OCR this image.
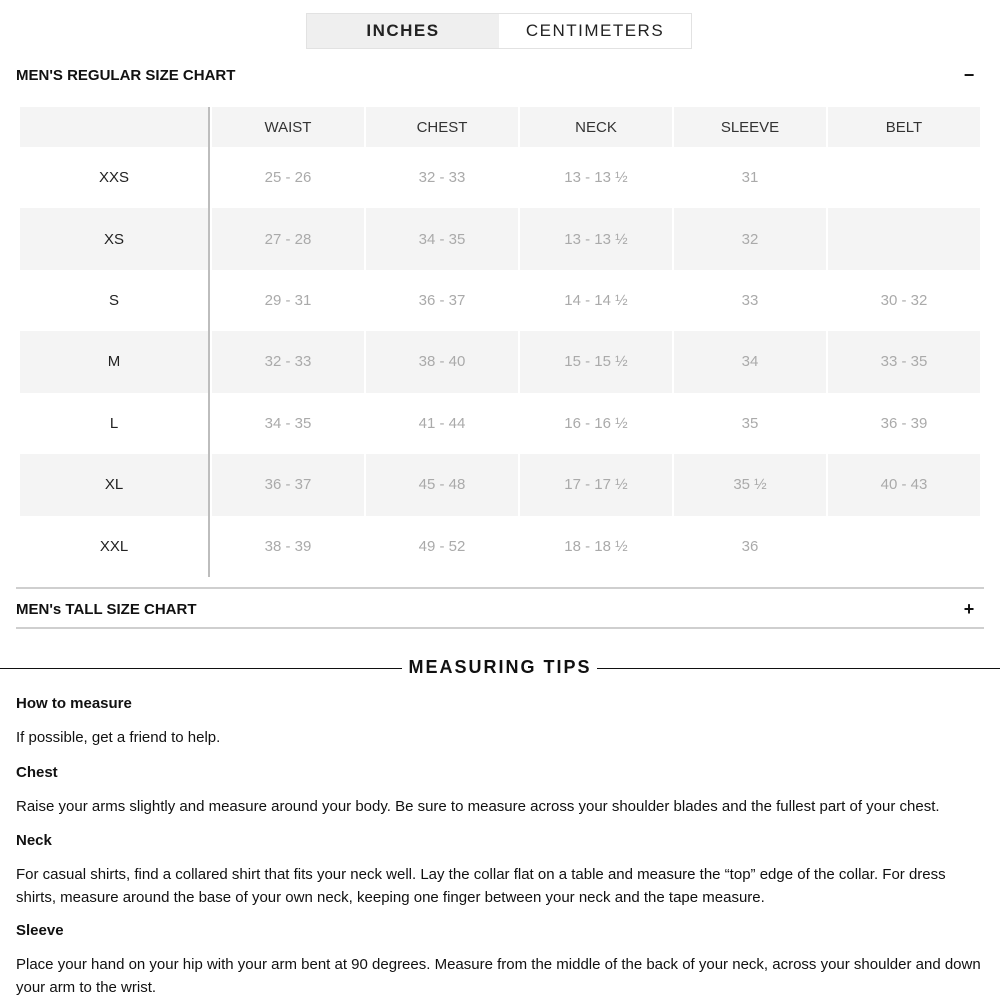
INCHES	CENTIMETERS
MEN'S REGULAR SIZE CHART	−
	WAIST	CHEST	NECK	SLEEVE	BELT
XXS	25 - 26	32 - 33	13 - 13 ½	31	
XS	27 - 28	34 - 35	13 - 13 ½	32	
S	29 - 31	36 - 37	14 - 14 ½	33	30 - 32
M	32 - 33	38 - 40	15 - 15 ½	34	33 - 35
L	34 - 35	41 - 44	16 - 16 ½	35	36 - 39
XL	36 - 37	45 - 48	17 - 17 ½	35 ½	40 - 43
XXL	38 - 39	49 - 52	18 - 18 ½	36	
MEN's TALL SIZE CHART	+
MEASURING TIPS
How to measure
If possible, get a friend to help.
Chest
Raise your arms slightly and measure around your body. Be sure to measure across your shoulder blades and the fullest part of your chest.
Neck
For casual shirts, find a collared shirt that fits your neck well. Lay the collar flat on a table and measure the “top” edge of the collar. For dress shirts, measure around the base of your own neck, keeping one finger between your neck and the tape measure.
Sleeve
Place your hand on your hip with your arm bent at 90 degrees. Measure from the middle of the back of your neck, across your shoulder and down your arm to the wrist.
